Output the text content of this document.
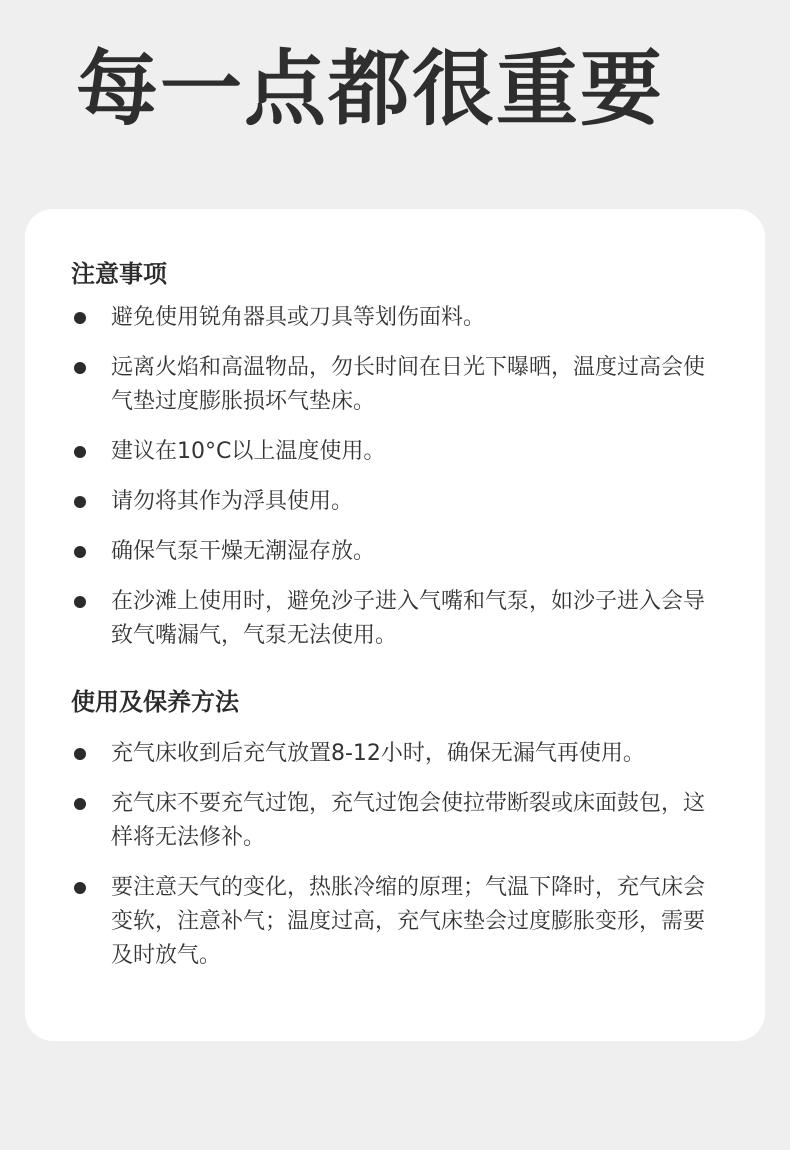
每一点都很重要
注意事项
避免使用锐角器具或刀具等划伤面料。
远离火焰和高温物品，勿长时间在日光下曝晒，温度过高会使气垫过度膨胀损坏气垫床。
建议在10°C以上温度使用。
请勿将其作为浮具使用。
确保气泵干燥无潮湿存放。
在沙滩上使用时，避免沙子进入气嘴和气泵，如沙子进入会导致气嘴漏气，气泵无法使用。
使用及保养方法
充气床收到后充气放置8-12小时，确保无漏气再使用。
充气床不要充气过饱，充气过饱会使拉带断裂或床面鼓包，这样将无法修补。
要注意天气的变化，热胀冷缩的原理；气温下降时，充气床会变软，注意补气；温度过高，充气床垫会过度膨胀变形，需要及时放气。
